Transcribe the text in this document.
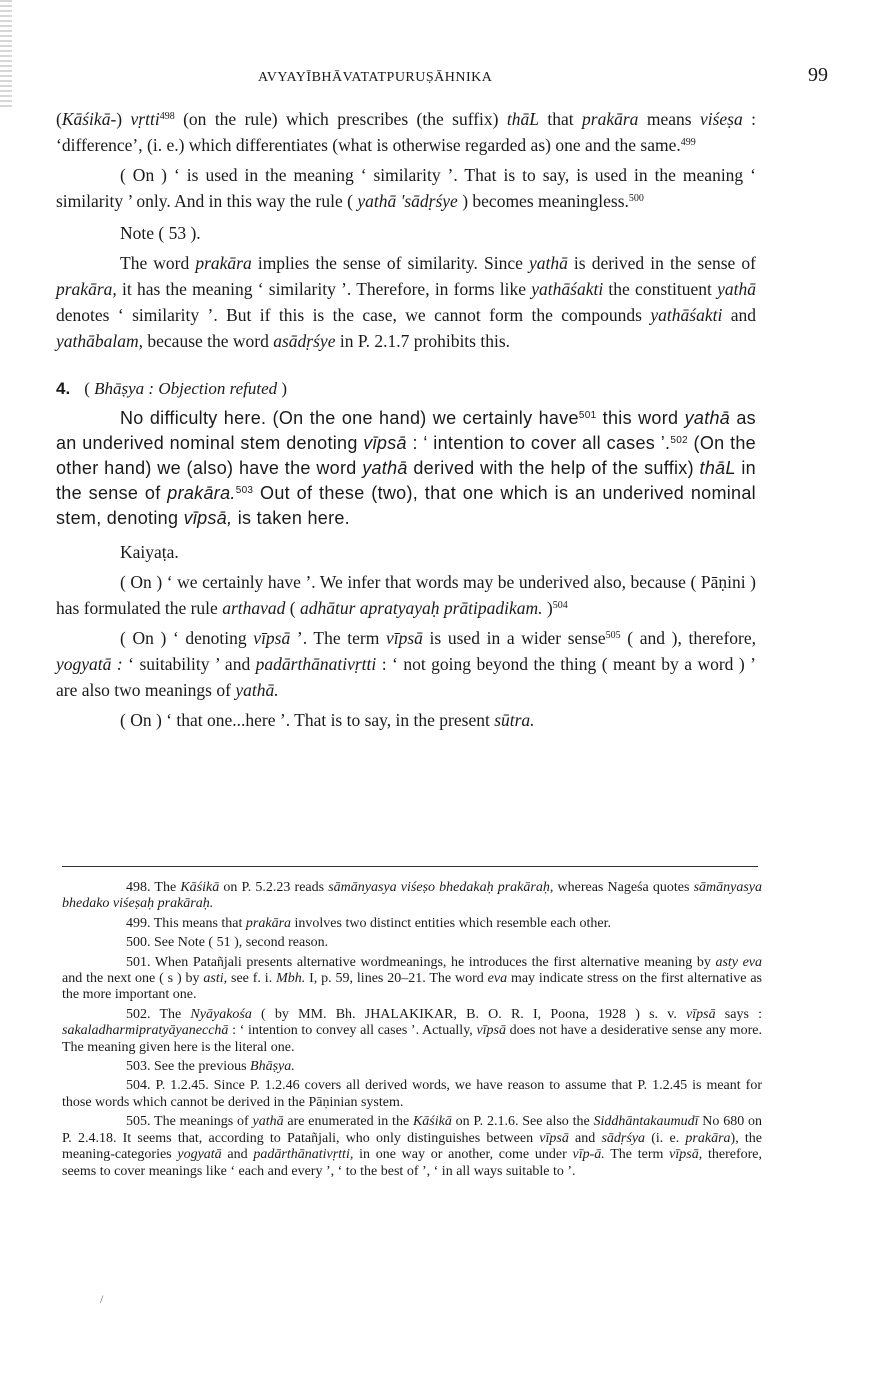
AVYAYĪBHĀVATATPURUṢĀHNIKA	99

(Kāśikā-) vṛtti$^{498}$ (on the rule) which prescribes (the suffix) thāL that prakāra means viśeṣa : ‘difference’, (i. e.) which differentiates (what is otherwise regarded as) one and the same.$^{499}$

( On ) ‘ is used in the meaning ‘ similarity ’. That is to say, is used in the meaning ‘ similarity ’ only. And in this way the rule ( yathā 'sādṛśye ) becomes meaningless.$^{500}$

Note ( 53 ).

The word prakāra implies the sense of similarity. Since yathā is derived in the sense of prakāra, it has the meaning ‘ similarity ’. Therefore, in forms like yathāśakti the constituent yathā denotes ‘ similarity ’. But if this is the case, we cannot form the compounds yathāśakti and yathābalam, because the word asādṛśye in P. 2.1.7 prohibits this.

4. ( Bhāṣya : Objection refuted )

No difficulty here. (On the one hand) we certainly have$^{501}$ this word yathā as an underived nominal stem denoting vīpsā : ‘ intention to cover all cases ’.$^{502}$ (On the other hand) we (also) have the word yathā derived with the help of the suffix) thāL in the sense of prakāra.$^{503}$ Out of these (two), that one which is an underived nominal stem, denoting vīpsā, is taken here.

Kaiyaṭa.

( On ) ‘ we certainly have ’. We infer that words may be underived also, because ( Pāṇini ) has formulated the rule arthavad ( adhātur apratyayaḥ prātipadikam. )$^{504}$

( On ) ‘ denoting vīpsā ’. The term vīpsā is used in a wider sense$^{505}$ ( and ), therefore, yogyatā : ‘ suitability ’ and padārthānativṛtti : ‘ not going beyond the thing ( meant by a word ) ’ are also two meanings of yathā.

( On ) ‘ that one...here ’. That is to say, in the present sūtra.

498. The Kāśikā on P. 5.2.23 reads sāmānyasya viśeṣo bhedakaḥ prakāraḥ, whereas Nageśa quotes sāmānyasya bhedako viśeṣaḥ prakāraḥ.

499. This means that prakāra involves two distinct entities which resemble each other.

500. See Note ( 51 ), second reason.

501. When Patañjali presents alternative wordmeanings, he introduces the first alternative meaning by asty eva and the next one ( s ) by asti, see f. i. Mbh. I, p. 59, lines 20–21. The word eva may indicate stress on the first alternative as the more important one.

502. The Nyāyakośa ( by MM. Bh. JHALAKIKAR, B. O. R. I, Poona, 1928 ) s. v. vīpsā says : sakaladharmipratyāyanecchā : ‘ intention to convey all cases ’. Actually, vīpsā does not have a desiderative sense any more. The meaning given here is the literal one.

503. See the previous Bhāṣya.

504. P. 1.2.45. Since P. 1.2.46 covers all derived words, we have reason to assume that P. 1.2.45 is meant for those words which cannot be derived in the Pāṇinian system.

505. The meanings of yathā are enumerated in the Kāśikā on P. 2.1.6. See also the Siddhāntakaumudī No 680 on P. 2.4.18. It seems that, according to Patañjali, who only distinguishes between vīpsā and sādṛśya (i. e. prakāra), the meaning-categories yogyatā and padārthānativṛtti, in one way or another, come under vīp-ā. The term vīpsā, therefore, seems to cover meanings like ‘ each and every ’, ‘ to the best of ’, ‘ in all ways suitable to ’.

/
